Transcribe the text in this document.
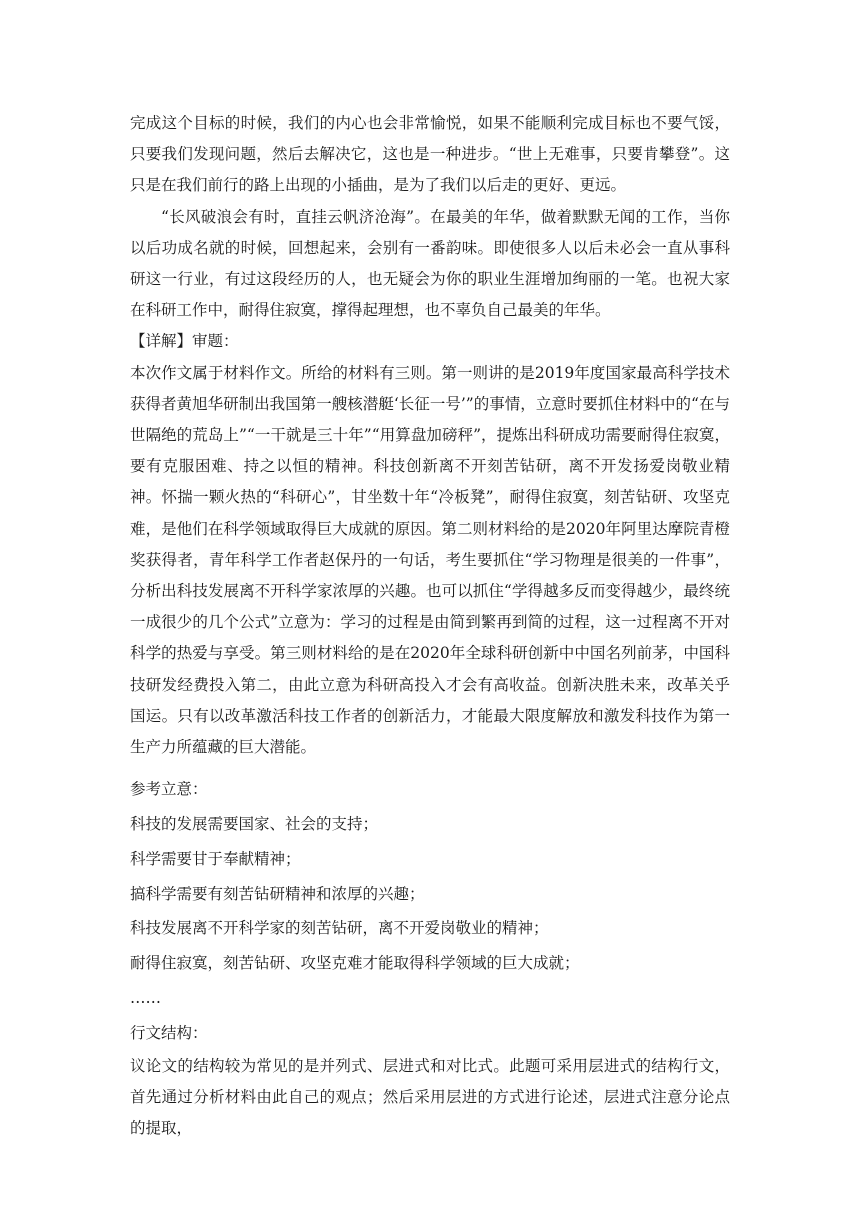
完成这个目标的时候，我们的内心也会非常愉悦，如果不能顺利完成目标也不要气馁，只要我们发现问题，然后去解决它，这也是一种进步。“世上无难事，只要肯攀登”。这只是在我们前行的路上出现的小插曲，是为了我们以后走的更好、更远。

“长风破浪会有时，直挂云帆济沧海”。在最美的年华，做着默默无闻的工作，当你以后功成名就的时候，回想起来，会别有一番韵味。即使很多人以后未必会一直从事科研这一行业，有过这段经历的人，也无疑会为你的职业生涯增加绚丽的一笔。也祝大家在科研工作中，耐得住寂寞，撑得起理想，也不辜负自己最美的年华。

【详解】审题：

本次作文属于材料作文。所给的材料有三则。第一则讲的是2019年度国家最高科学技术获得者黄旭华研制出我国第一艘核潜艇‘长征一号’”的事情，立意时要抓住材料中的“在与世隔绝的荒岛上”“一干就是三十年”“用算盘加磅秤”，提炼出科研成功需要耐得住寂寞，要有克服困难、持之以恒的精神。科技创新离不开刻苦钻研，离不开发扬爱岗敬业精神。怀揣一颗火热的“科研心”，甘坐数十年“冷板凳”，耐得住寂寞，刻苦钻研、攻坚克难，是他们在科学领域取得巨大成就的原因。第二则材料给的是2020年阿里达摩院青橙奖获得者，青年科学工作者赵保丹的一句话，考生要抓住“学习物理是很美的一件事”，分析出科技发展离不开科学家浓厚的兴趣。也可以抓住“学得越多反而变得越少，最终统一成很少的几个公式”立意为：学习的过程是由简到繁再到简的过程，这一过程离不开对科学的热爱与享受。第三则材料给的是在2020年全球科研创新中中国名列前茅，中国科技研发经费投入第二，由此立意为科研高投入才会有高收益。创新决胜未来，改革关乎国运。只有以改革激活科技工作者的创新活力，才能最大限度解放和激发科技作为第一生产力所蕴藏的巨大潜能。

参考立意：

科技的发展需要国家、社会的支持；

科学需要甘于奉献精神；

搞科学需要有刻苦钻研精神和浓厚的兴趣；

科技发展离不开科学家的刻苦钻研，离不开爱岗敬业的精神；

耐得住寂寞，刻苦钻研、攻坚克难才能取得科学领域的巨大成就；

……

行文结构：

议论文的结构较为常见的是并列式、层进式和对比式。此题可采用层进式的结构行文，首先通过分析材料由此自己的观点；然后采用层进的方式进行论述，层进式注意分论点的提取，
